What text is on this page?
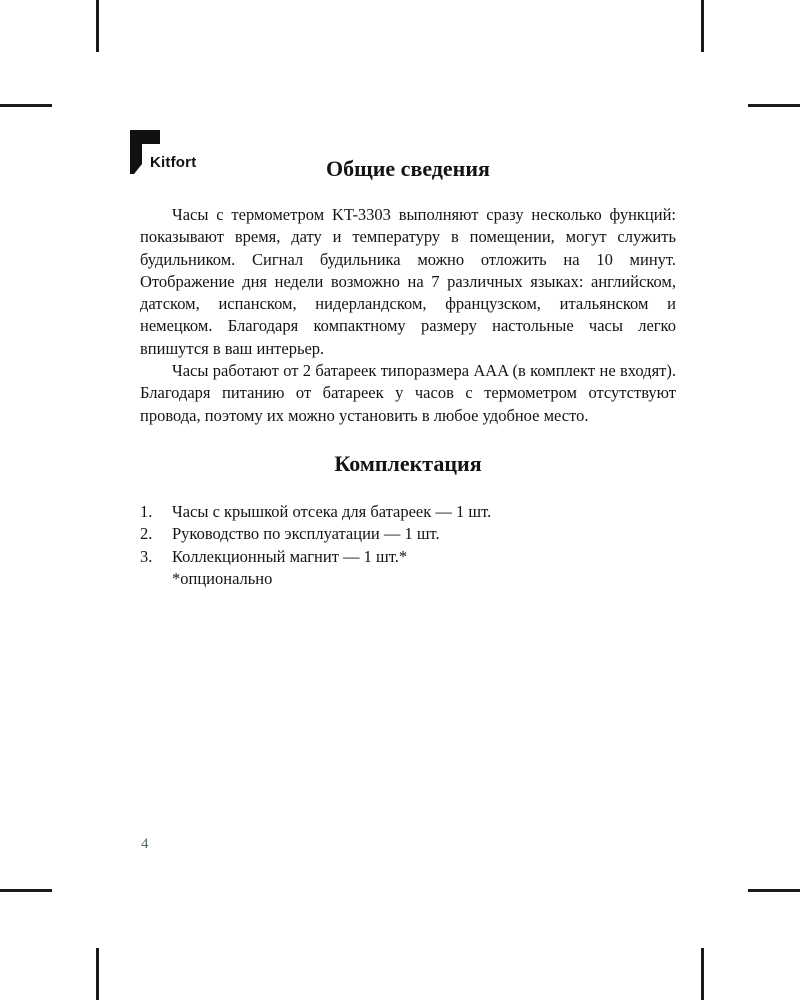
Kitfort	Общие сведения

Часы с термометром KT-3303 выполняют сразу несколько функций: показывают время, дату и температуру в помещении, могут служить будильником. Сигнал будильника можно отложить на 10 минут. Отображение дня недели возможно на 7 различных языках: английском, датском, испанском, нидерландском, французском, итальянском и немецком. Благодаря компактному размеру настольные часы легко впишутся в ваш интерьер.

Часы работают от 2 батареек типоразмера AAA (в комплект не входят). Благодаря питанию от батареек у часов с термометром отсутствуют провода, поэтому их можно установить в любое удобное место.

Комплектация
1.	Часы с крышкой отсека для батареек — 1 шт.
2.	Руководство по эксплуатации — 1 шт.
3.	Коллекционный магнит — 1 шт.*
*опционально
4
